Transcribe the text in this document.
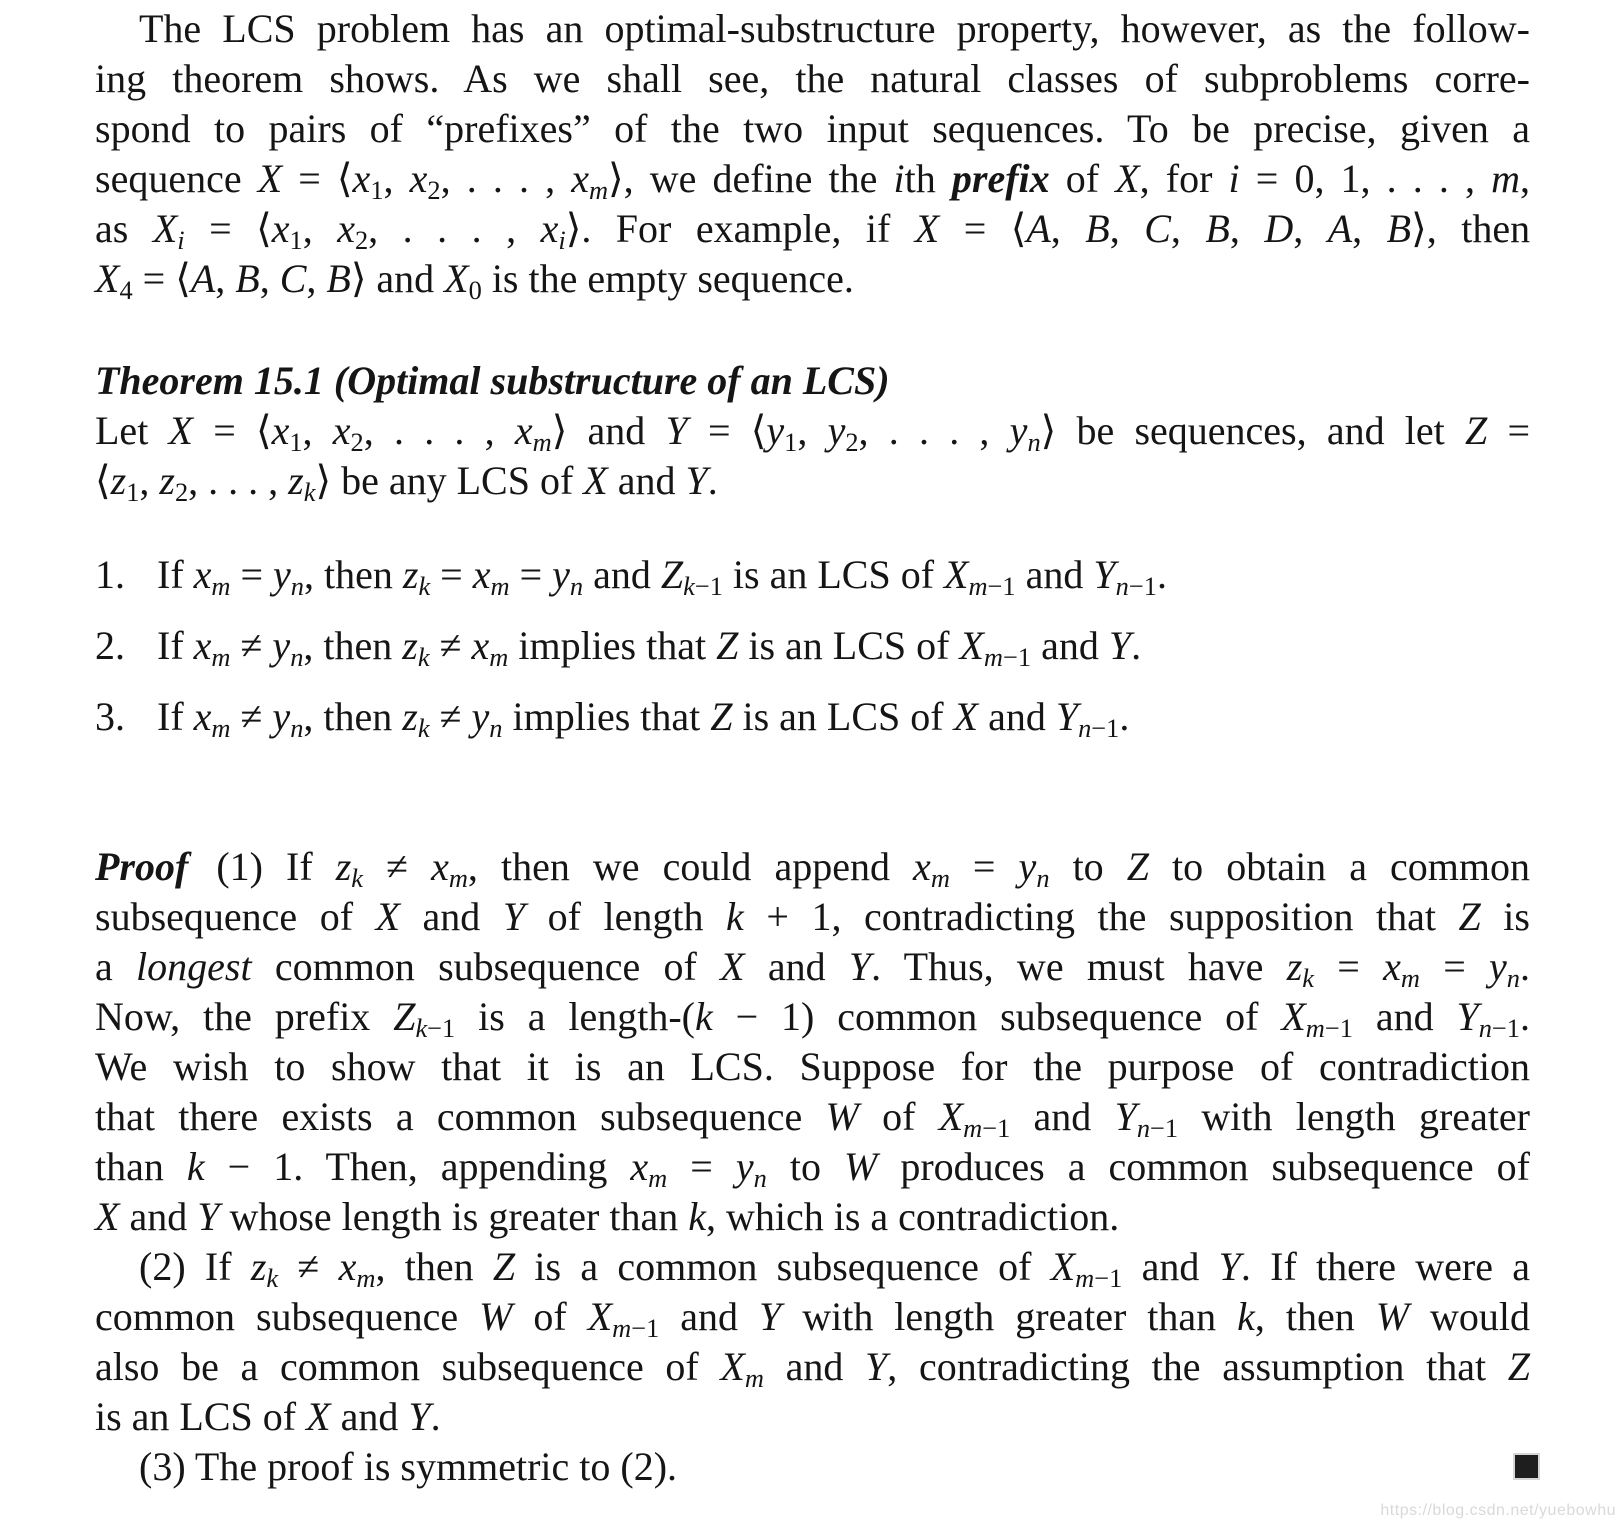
The LCS problem has an optimal-substructure property, however, as the follow-
ing theorem shows. As we shall see, the natural classes of subproblems corre-
spond to pairs of “prefixes” of the two input sequences. To be precise, given a
sequence X = ⟨x1, x2, . . . , xm⟩, we define the ith prefix of X, for i = 0, 1, . . . , m,
as Xi = ⟨x1, x2, . . . , xi⟩. For example, if X = ⟨A, B, C, B, D, A, B⟩, then
X4 = ⟨A, B, C, B⟩ and X0 is the empty sequence.
Theorem 15.1 (Optimal substructure of an LCS)
Let X = ⟨x1, x2, . . . , xm⟩ and Y = ⟨y1, y2, . . . , yn⟩ be sequences, and let Z =
⟨z1, z2, . . . , zk⟩ be any LCS of X and Y.
1. If xm = yn, then zk = xm = yn and Zk−1 is an LCS of Xm−1 and Yn−1.
2. If xm ≠ yn, then zk ≠ xm implies that Z is an LCS of Xm−1 and Y.
3. If xm ≠ yn, then zk ≠ yn implies that Z is an LCS of X and Yn−1.
Proof  (1) If zk ≠ xm, then we could append xm = yn to Z to obtain a common
subsequence of X and Y of length k + 1, contradicting the supposition that Z is
a longest common subsequence of X and Y. Thus, we must have zk = xm = yn.
Now, the prefix Zk−1 is a length-(k − 1) common subsequence of Xm−1 and Yn−1.
We wish to show that it is an LCS. Suppose for the purpose of contradiction
that there exists a common subsequence W of Xm−1 and Yn−1 with length greater
than k − 1. Then, appending xm = yn to W produces a common subsequence of
X and Y whose length is greater than k, which is a contradiction.
(2) If zk ≠ xm, then Z is a common subsequence of Xm−1 and Y. If there were a
common subsequence W of Xm−1 and Y with length greater than k, then W would
also be a common subsequence of Xm and Y, contradicting the assumption that Z
is an LCS of X and Y.
(3) The proof is symmetric to (2).
https://blog.csdn.net/yuebowhu
